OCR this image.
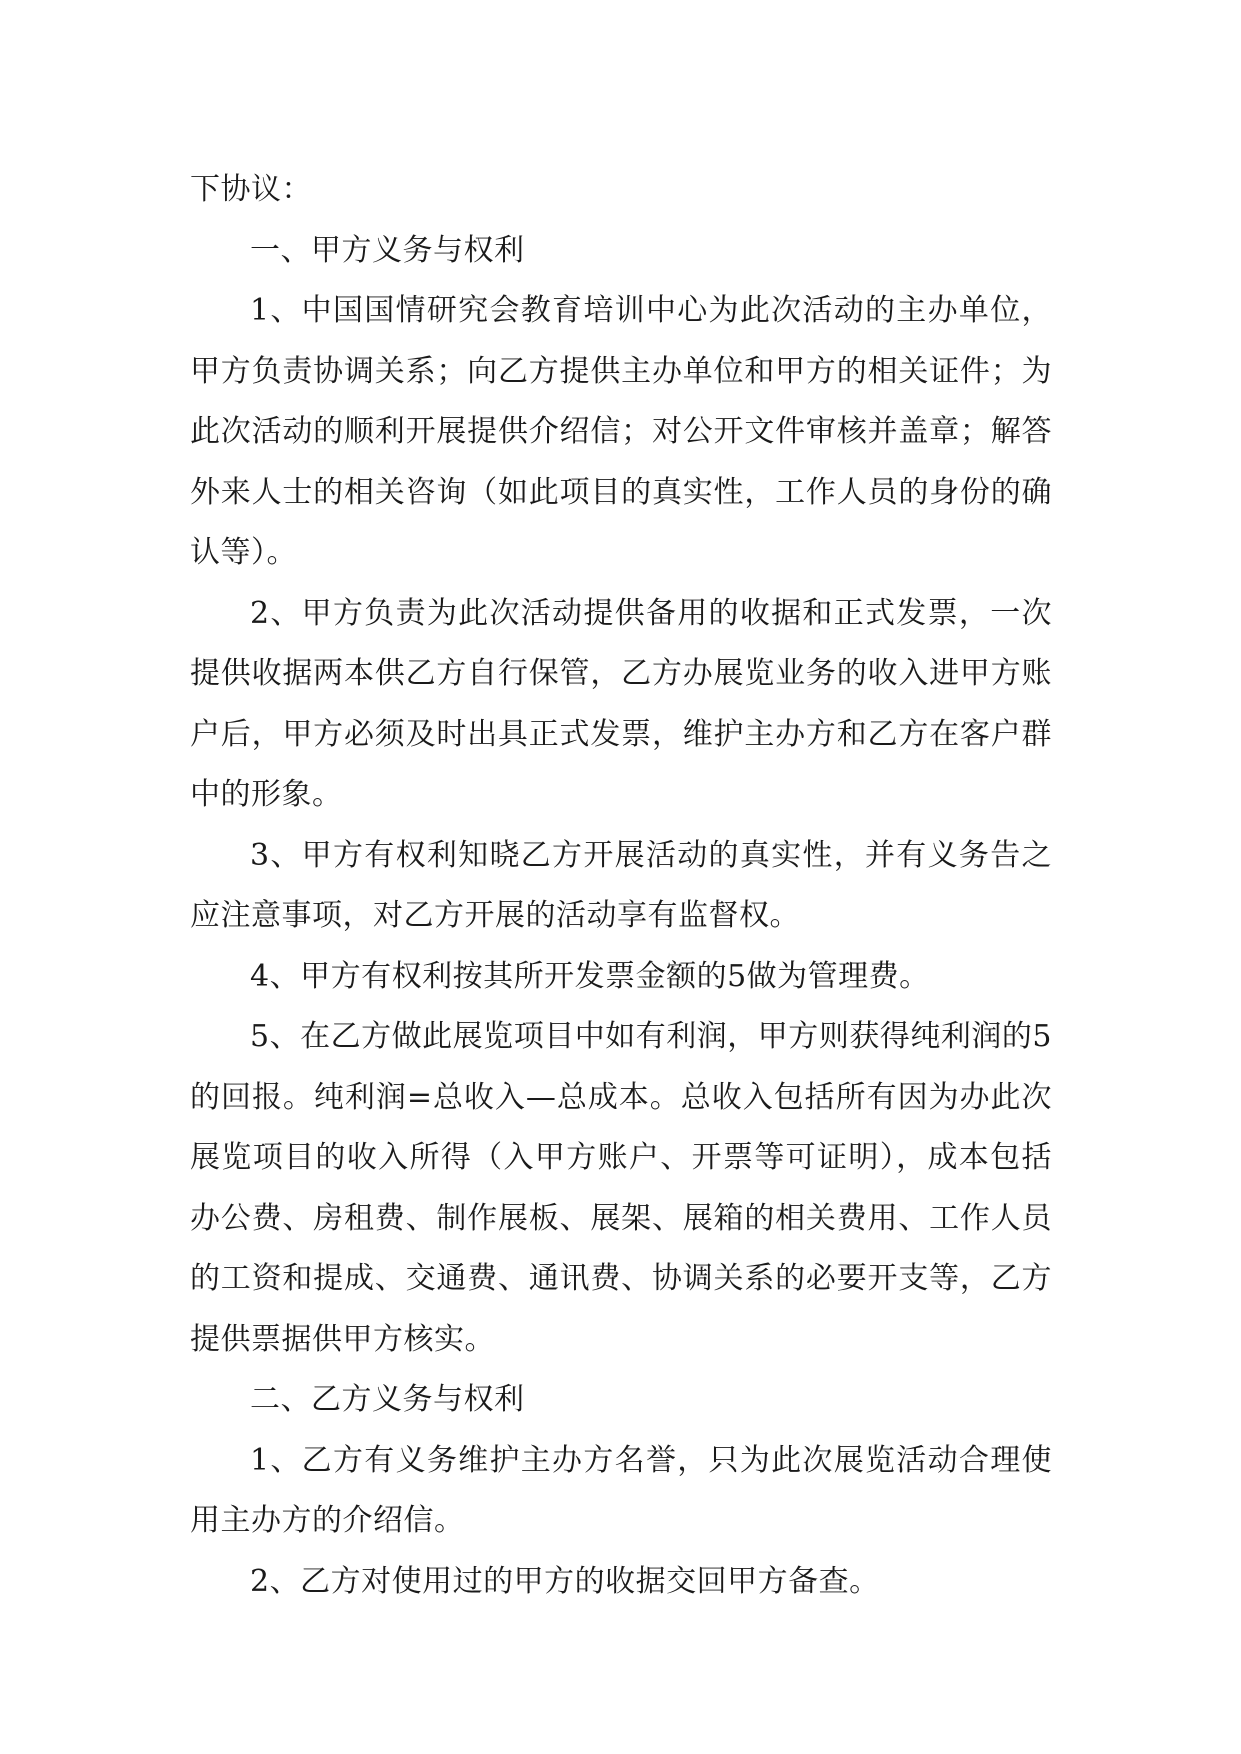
下协议：

一、甲方义务与权利

1、中国国情研究会教育培训中心为此次活动的主办单位，甲方负责协调关系；向乙方提供主办单位和甲方的相关证件；为此次活动的顺利开展提供介绍信；对公开文件审核并盖章；解答外来人士的相关咨询（如此项目的真实性，工作人员的身份的确认等）。

2、甲方负责为此次活动提供备用的收据和正式发票，一次提供收据两本供乙方自行保管，乙方办展览业务的收入进甲方账户后，甲方必须及时出具正式发票，维护主办方和乙方在客户群中的形象。

3、甲方有权利知晓乙方开展活动的真实性，并有义务告之应注意事项，对乙方开展的活动享有监督权。

4、甲方有权利按其所开发票金额的5做为管理费。

5、在乙方做此展览项目中如有利润，甲方则获得纯利润的5的回报。纯利润=总收入—总成本。总收入包括所有因为办此次展览项目的收入所得（入甲方账户、开票等可证明），成本包括办公费、房租费、制作展板、展架、展箱的相关费用、工作人员的工资和提成、交通费、通讯费、协调关系的必要开支等，乙方提供票据供甲方核实。

二、乙方义务与权利

1、乙方有义务维护主办方名誉，只为此次展览活动合理使用主办方的介绍信。

2、乙方对使用过的甲方的收据交回甲方备查。
